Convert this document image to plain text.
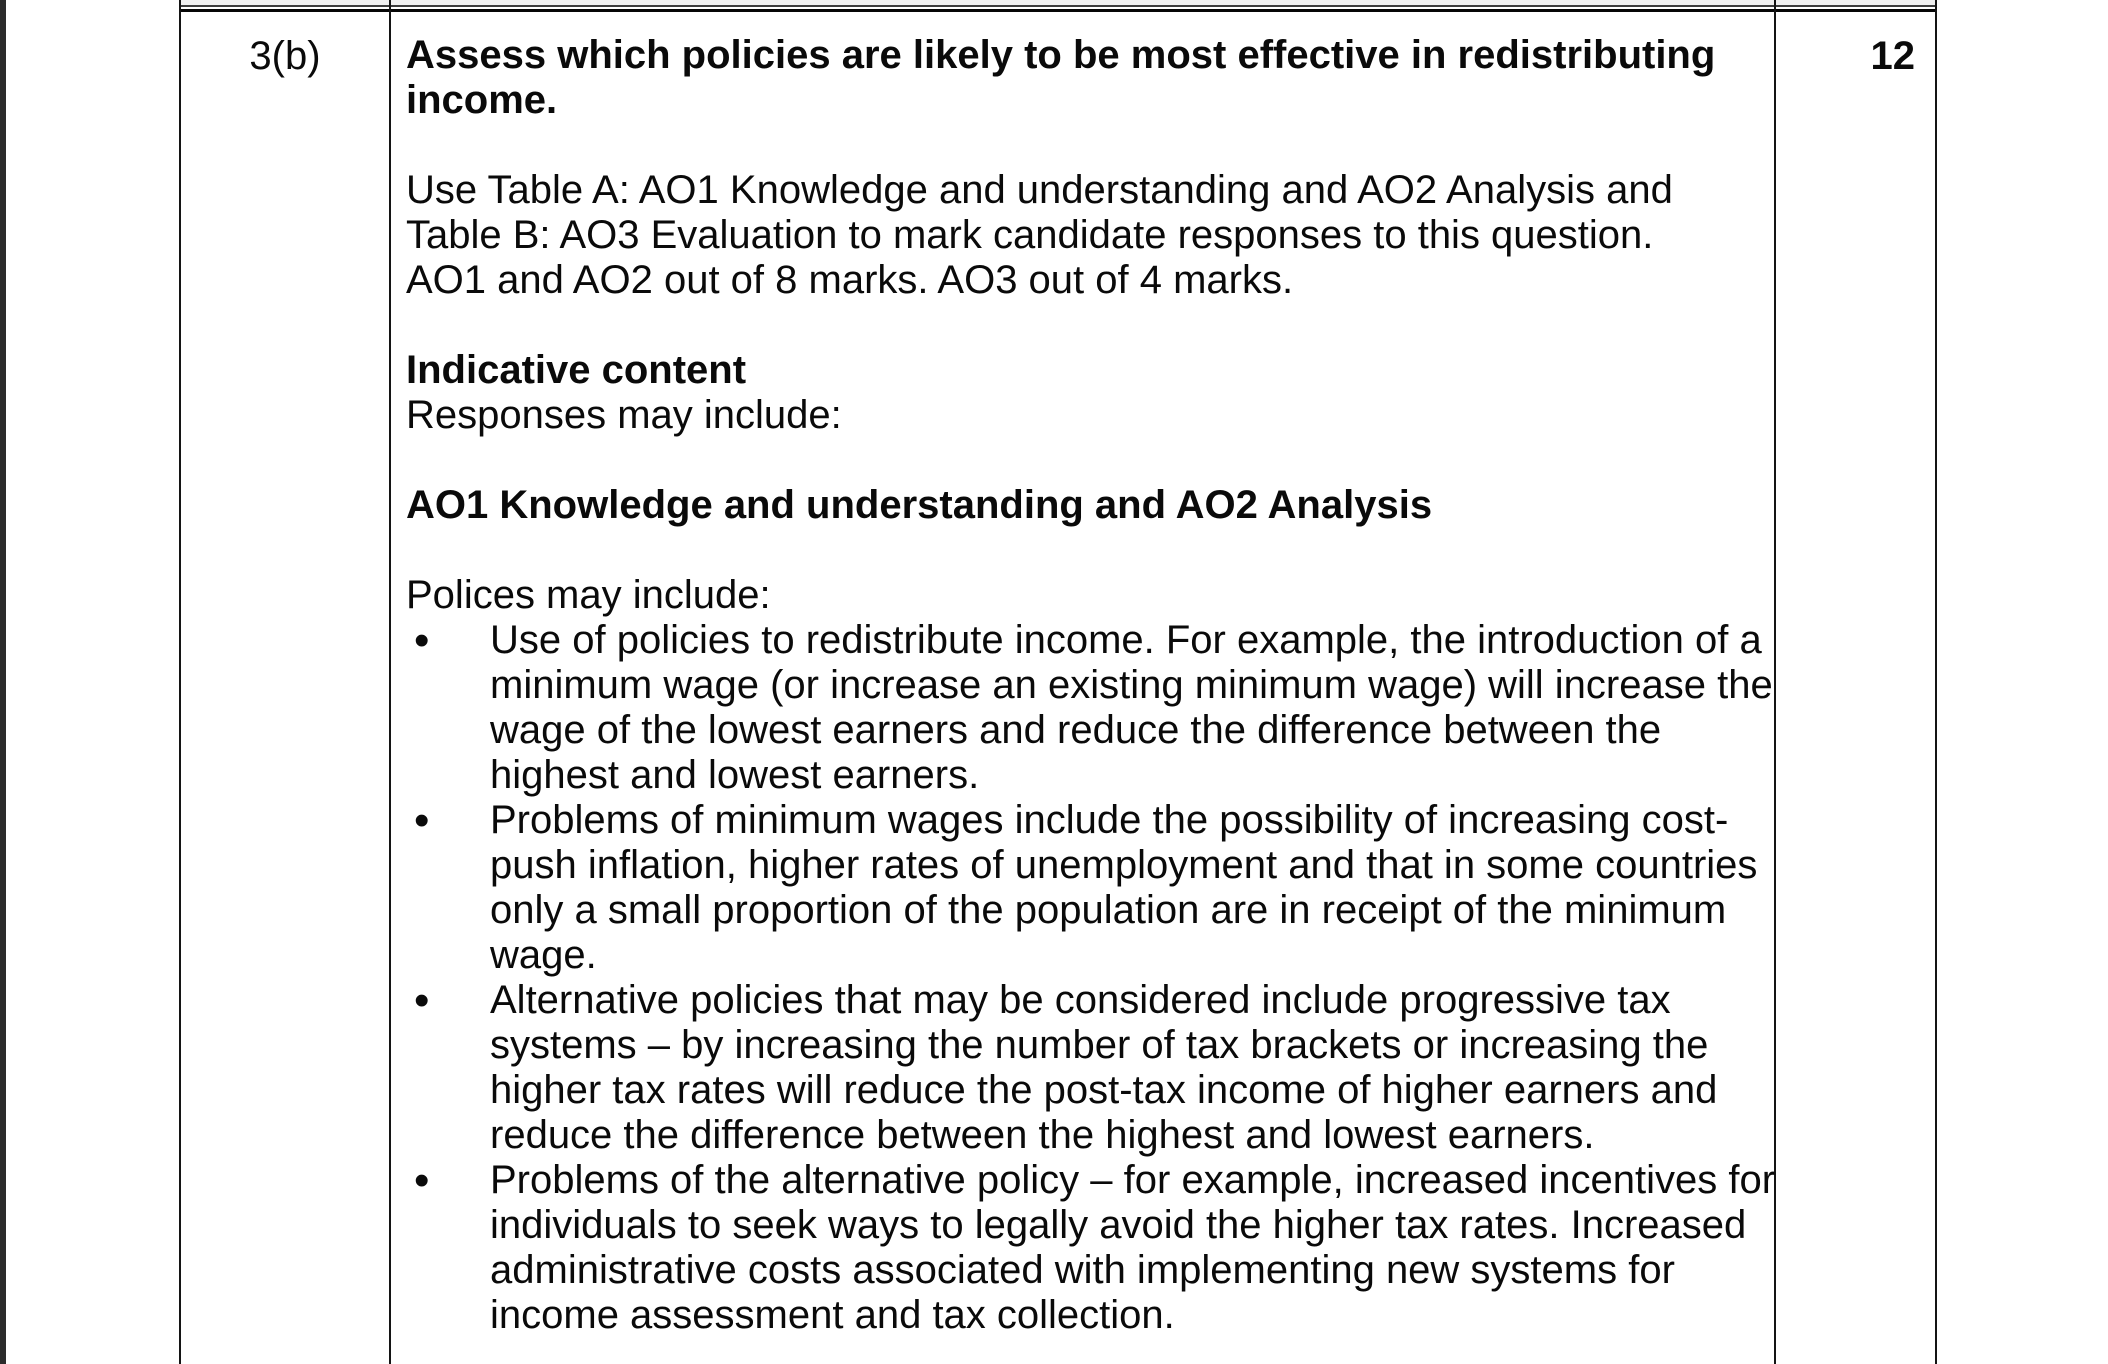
3(b)	Assess which policies are likely to be most effective in redistributing
income.

Use Table A: AO1 Knowledge and understanding and AO2 Analysis and
Table B: AO3 Evaluation to mark candidate responses to this question.
AO1 and AO2 out of 8 marks. AO3 out of 4 marks.

Indicative content

Responses may include:

AO1 Knowledge and understanding and AO2 Analysis

Polices may include:

• Use of policies to redistribute income. For example, the introduction of a
minimum wage (or increase an existing minimum wage) will increase the
wage of the lowest earners and reduce the difference between the
highest and lowest earners.
• Problems of minimum wages include the possibility of increasing cost-
push inflation, higher rates of unemployment and that in some countries
only a small proportion of the population are in receipt of the minimum
wage.
• Alternative policies that may be considered include progressive tax
systems – by increasing the number of tax brackets or increasing the
higher tax rates will reduce the post-tax income of higher earners and
reduce the difference between the highest and lowest earners.
• Problems of the alternative policy – for example, increased incentives for
individuals to seek ways to legally avoid the higher tax rates. Increased
administrative costs associated with implementing new systems for
income assessment and tax collection.
12
